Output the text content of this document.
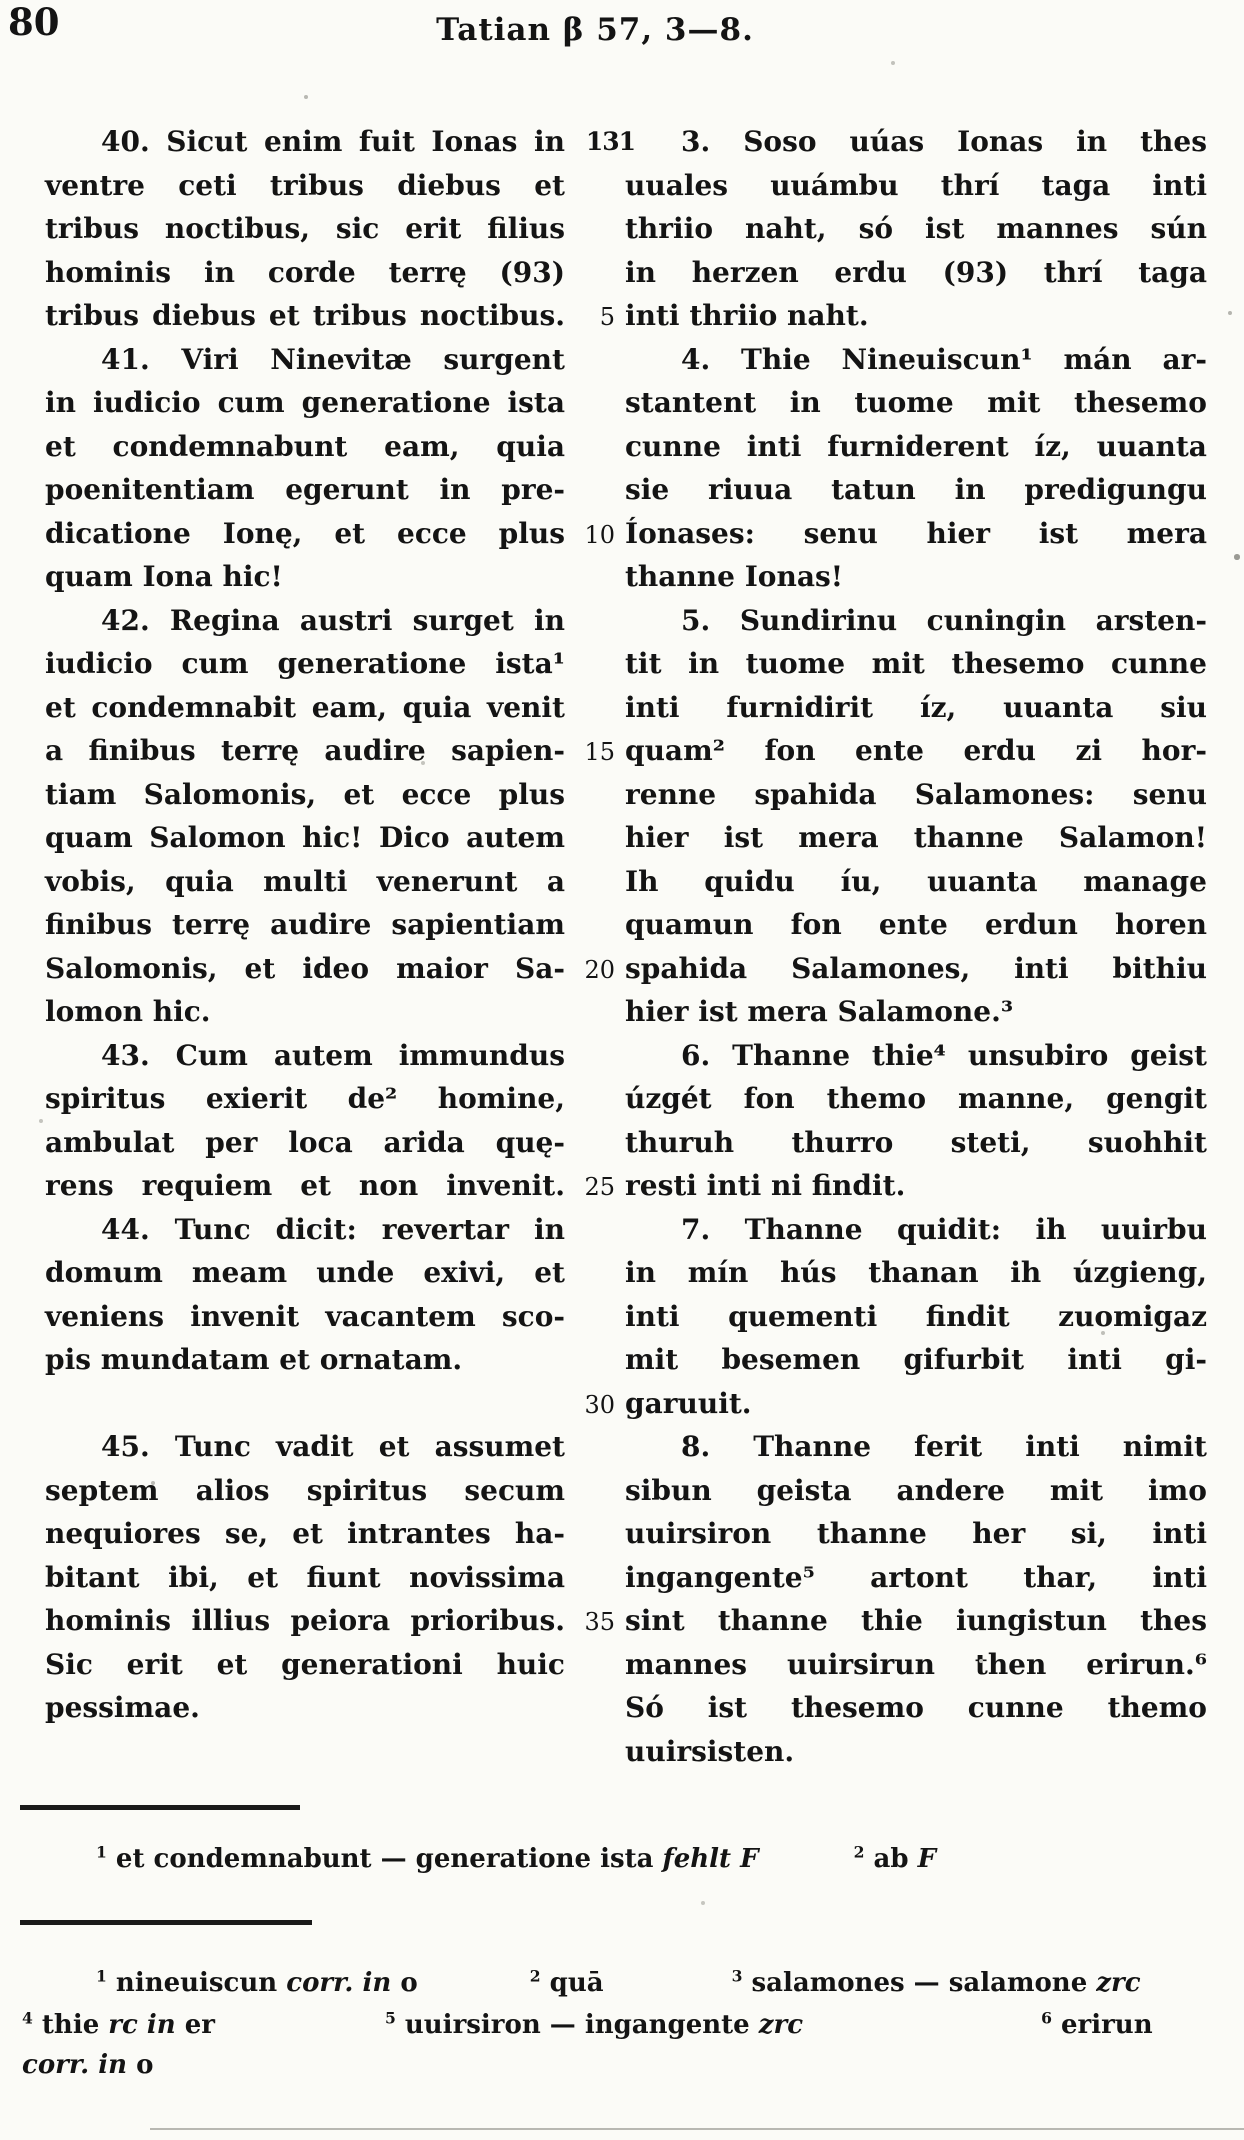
80	Tatian β 57, 3—8.
40. Sicut enim fuit Ionas in
ventre ceti tribus diebus et
tribus noctibus, sic erit filius
hominis in corde terrę (93)
tribus diebus et tribus noctibus.
41. Viri Ninevitæ surgent
in iudicio cum generatione ista
et condemnabunt eam, quia
poenitentiam egerunt in pre-
dicatione Ionę, et ecce plus
quam Iona hic!
42. Regina austri surget in
iudicio cum generatione ista¹
et condemnabit eam, quia venit
a finibus terrę audire sapien-
tiam Salomonis, et ecce plus
quam Salomon hic! Dico autem
vobis, quia multi venerunt a
finibus terrę audire sapientiam
Salomonis, et ideo maior Sa-
lomon hic.
43. Cum autem immundus
spiritus exierit de² homine,
ambulat per loca arida quę-
rens requiem et non invenit.
44. Tunc dicit: revertar in
domum meam unde exivi, et
veniens invenit vacantem sco-
pis mundatam et ornatam.
45. Tunc vadit et assumet
septem alios spiritus secum
nequiores se, et intrantes ha-
bitant ibi, et fiunt novissima
hominis illius peiora prioribus.
Sic erit et generationi huic
pessimae.
131
5
10
15
20
25
30
35
3. Soso uúas Ionas in thes
uuales uuámbu thrí taga inti
thriio naht, só ist mannes sún
in herzen erdu (93) thrí taga
inti thriio naht.
4. Thie Nineuiscun¹ mán ar-
stantent in tuome mit thesemo
cunne inti furniderent íz, uuanta
sie riuua tatun in predigungu
Íonases: senu hier ist mera
thanne Ionas!
5. Sundirinu cuningin arsten-
tit in tuome mit thesemo cunne
inti furnidirit íz, uuanta siu
quam² fon ente erdu zi hor-
renne spahida Salamones: senu
hier ist mera thanne Salamon!
Ih quidu íu, uuanta manage
quamun fon ente erdun horen
spahida Salamones, inti bithiu
hier ist mera Salamone.³
6. Thanne thie⁴ unsubiro geist
úzgét fon themo manne, gengit
thuruh thurro steti, suohhit
resti inti ni findit.
7. Thanne quidit: ih uuirbu
in mín hús thanan ih úzgieng,
inti quementi findit zuomigaz
mit besemen gifurbit inti gi-
garuuit.
8. Thanne ferit inti nimit
sibun geista andere mit imo
uuirsiron thanne her si, inti
ingangente⁵ artont thar, inti
sint thanne thie iungistun thes
mannes uuirsirun then erirun.⁶
Só ist thesemo cunne themo
uuirsisten.
$^1$ et condemnabunt — generatione ista fehlt F	$^2$ ab F
$^1$ nineuiscun corr. in o	$^2$ quā	$^3$ salamones — salamone zrc
$^4$ thie rc in er	$^5$ uuirsiron — ingangente zrc	$^6$ erirun
corr. in o
